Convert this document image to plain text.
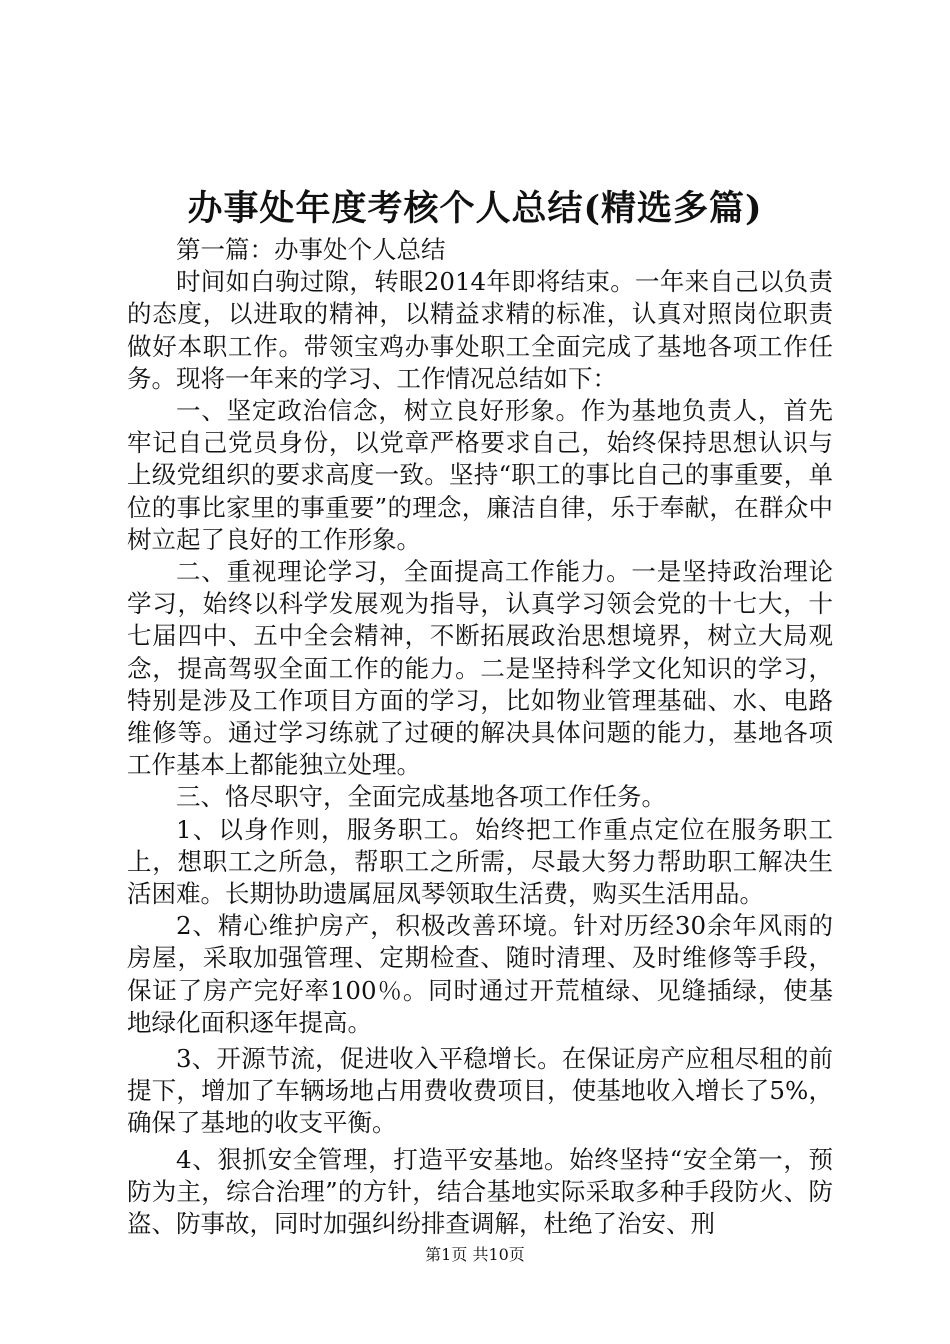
办事处年度考核个人总结(精选多篇)

第一篇：办事处个人总结

时间如白驹过隙，转眼2014年即将结束。一年来自己以负责的态度，以进取的精神，以精益求精的标准，认真对照岗位职责做好本职工作。带领宝鸡办事处职工全面完成了基地各项工作任务。现将一年来的学习、工作情况总结如下：

一、坚定政治信念，树立良好形象。作为基地负责人，首先牢记自己党员身份，以党章严格要求自己，始终保持思想认识与上级党组织的要求高度一致。坚持“职工的事比自己的事重要，单位的事比家里的事重要”的理念，廉洁自律，乐于奉献，在群众中树立起了良好的工作形象。

二、重视理论学习，全面提高工作能力。一是坚持政治理论学习，始终以科学发展观为指导，认真学习领会党的十七大，十七届四中、五中全会精神，不断拓展政治思想境界，树立大局观念，提高驾驭全面工作的能力。二是坚持科学文化知识的学习，特别是涉及工作项目方面的学习，比如物业管理基础、水、电路维修等。通过学习练就了过硬的解决具体问题的能力，基地各项工作基本上都能独立处理。

三、恪尽职守，全面完成基地各项工作任务。

1、以身作则，服务职工。始终把工作重点定位在服务职工上，想职工之所急，帮职工之所需，尽最大努力帮助职工解决生活困难。长期协助遗属屈凤琴领取生活费，购买生活用品。

2、精心维护房产，积极改善环境。针对历经30余年风雨的房屋，采取加强管理、定期检查、随时清理、及时维修等手段，保证了房产完好率100％。同时通过开荒植绿、见缝插绿，使基地绿化面积逐年提高。

3、开源节流，促进收入平稳增长。在保证房产应租尽租的前提下，增加了车辆场地占用费收费项目，使基地收入增长了5%，确保了基地的收支平衡。

4、狠抓安全管理，打造平安基地。始终坚持“安全第一，预防为主，综合治理”的方针，结合基地实际采取多种手段防火、防盗、防事故，同时加强纠纷排查调解，杜绝了治安、刑

第1页 共10页
